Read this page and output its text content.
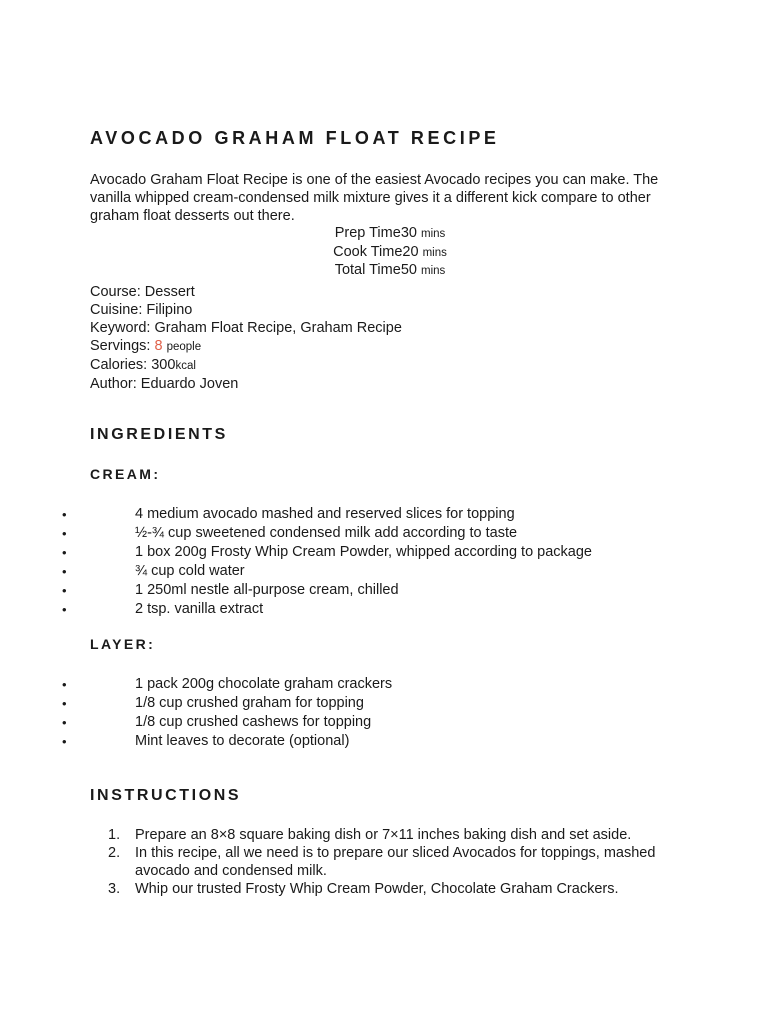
AVOCADO GRAHAM FLOAT RECIPE
Avocado Graham Float Recipe is one of the easiest Avocado recipes you can make. The vanilla whipped cream-condensed milk mixture gives it a different kick compare to other graham float desserts out there.
Prep Time30 mins
Cook Time20 mins
Total Time50 mins
Course: Dessert
Cuisine: Filipino
Keyword: Graham Float Recipe, Graham Recipe
Servings: 8 people
Calories: 300kcal
Author: Eduardo Joven
INGREDIENTS
CREAM:
•	4 medium avocado mashed and reserved slices for topping
•	½-¾ cup sweetened condensed milk add according to taste
•	1 box 200g Frosty Whip Cream Powder, whipped according to package
•	¾ cup cold water
•	1 250ml nestle all-purpose cream, chilled
•	2 tsp. vanilla extract
LAYER:
•	1 pack 200g chocolate graham crackers
•	1/8 cup crushed graham for topping
•	1/8 cup crushed cashews for topping
•	Mint leaves to decorate (optional)
INSTRUCTIONS
1. Prepare an 8×8 square baking dish or 7×11 inches baking dish and set aside.
2. In this recipe, all we need is to prepare our sliced Avocados for toppings, mashed avocado and condensed milk.
3. Whip our trusted Frosty Whip Cream Powder, Chocolate Graham Crackers.
